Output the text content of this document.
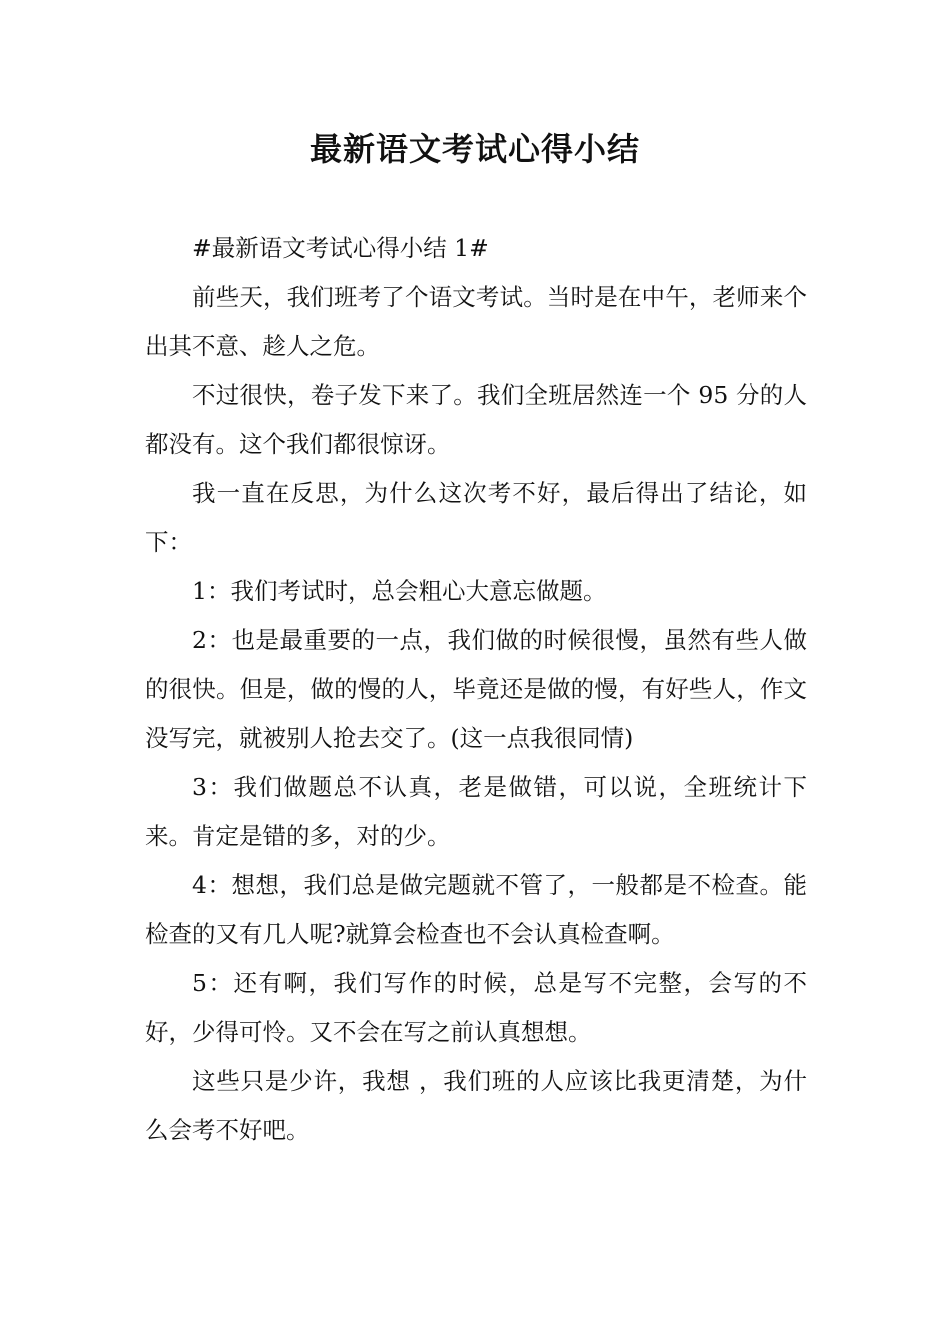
最新语文考试心得小结

#最新语文考试心得小结 1#

前些天，我们班考了个语文考试。当时是在中午，老师来个出其不意、趁人之危。

不过很快，卷子发下来了。我们全班居然连一个 95 分的人都没有。这个我们都很惊讶。

我一直在反思，为什么这次考不好，最后得出了结论，如下：

1：我们考试时，总会粗心大意忘做题。

2：也是最重要的一点，我们做的时候很慢，虽然有些人做的很快。但是，做的慢的人，毕竟还是做的慢，有好些人，作文没写完，就被别人抢去交了。(这一点我很同情)

3：我们做题总不认真，老是做错，可以说，全班统计下来。肯定是错的多，对的少。

4：想想，我们总是做完题就不管了，一般都是不检查。能检查的又有几人呢?就算会检查也不会认真检查啊。

5：还有啊，我们写作的时候，总是写不完整，会写的不好，少得可怜。又不会在写之前认真想想。

这些只是少许，我想 ，我们班的人应该比我更清楚，为什么会考不好吧。
